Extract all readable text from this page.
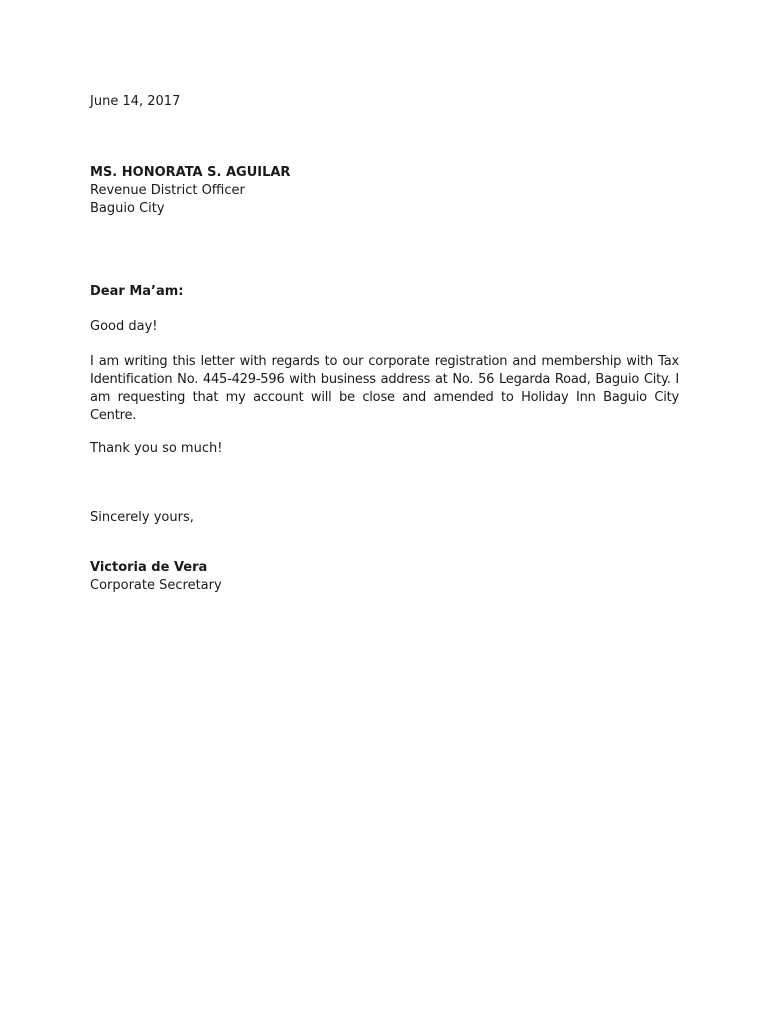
June 14, 2017
MS. HONORATA S. AGUILAR
Revenue District Officer
Baguio City
Dear Ma’am:
Good day!
I am writing this letter with regards to our corporate registration and membership with Tax Identification No. 445-429-596 with business address at No. 56 Legarda Road, Baguio City. I am requesting that my account will be close and amended to Holiday Inn Baguio City Centre.
Thank you so much!
Sincerely yours,
Victoria de Vera
Corporate Secretary
